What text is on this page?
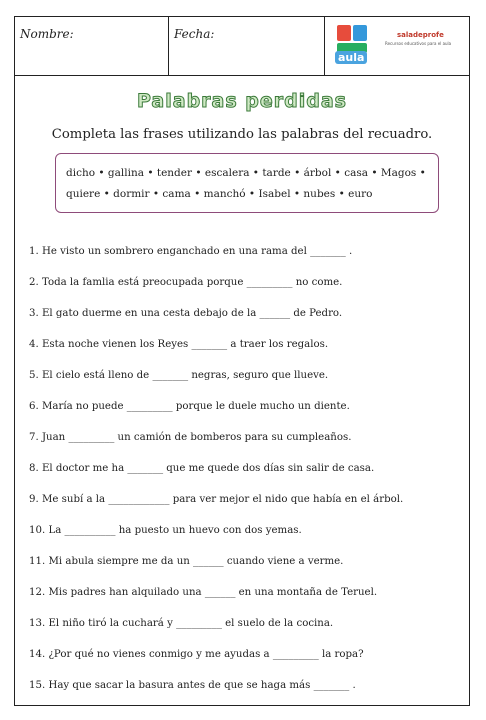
Nombre:	Fecha:
aula
saladeprofe
Recursos educativos para el aula
Palabras perdidas
Completa las frases utilizando las palabras del recuadro.
dicho • gallina • tender • escalera • tarde • árbol • casa • Magos •
quiere • dormir • cama • manchó • Isabel • nubes • euro
1. He visto un sombrero enganchado en una rama del _______ .
2. Toda la famlia está preocupada porque _________ no come.
3. El gato duerme en una cesta debajo de la ______ de Pedro.
4. Esta noche vienen los Reyes _______ a traer los regalos.
5. El cielo está lleno de _______ negras, seguro que llueve.
6. María no puede _________ porque le duele mucho un diente.
7. Juan _________ un camión de bomberos para su cumpleaños.
8. El doctor me ha _______ que me quede dos días sin salir de casa.
9. Me subí a la ____________ para ver mejor el nido que había en el árbol.
10. La __________ ha puesto un huevo con dos yemas.
11. Mi abula siempre me da un ______ cuando viene a verme.
12. Mis padres han alquilado una ______ en una montaña de Teruel.
13. El niño tiró la cuchará y _________ el suelo de la cocina.
14. ¿Por qué no vienes conmigo y me ayudas a _________ la ropa?
15. Hay que sacar la basura antes de que se haga más _______ .
